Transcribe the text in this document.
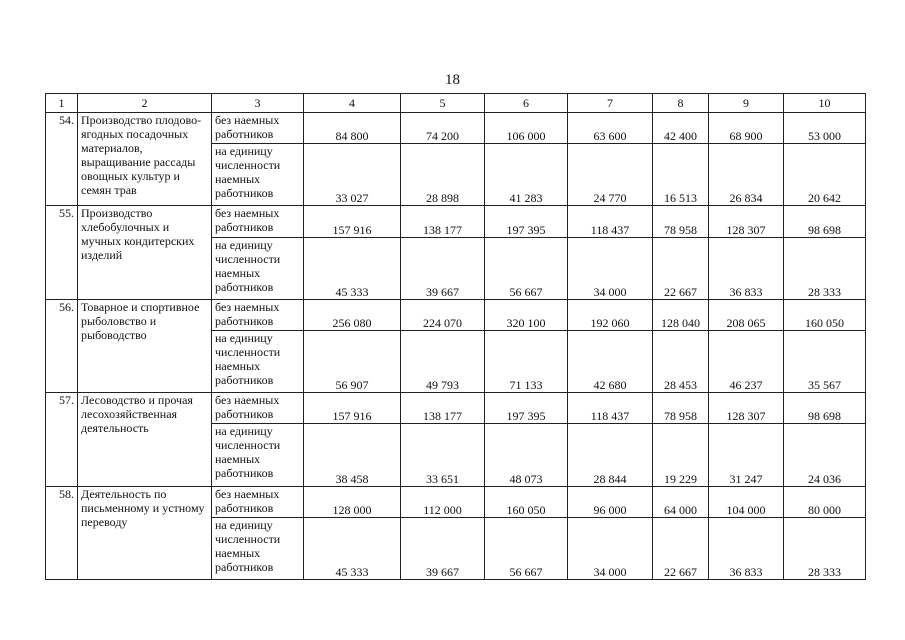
18
1	2	3	4	5	6	7	8	9	10
54.	Производство плодово-ягодных посадочных материалов, выращивание рассады овощных культур и семян трав	без наемных работников	84 800	74 200	106 000	63 600	42 400	68 900	53 000
		на единицу численности наемных работников	33 027	28 898	41 283	24 770	16 513	26 834	20 642
55.	Производство хлебобулочных и мучных кондитерских изделий	без наемных работников	157 916	138 177	197 395	118 437	78 958	128 307	98 698
		на единицу численности наемных работников	45 333	39 667	56 667	34 000	22 667	36 833	28 333
56.	Товарное и спортивное рыболовство и рыбоводство	без наемных работников	256 080	224 070	320 100	192 060	128 040	208 065	160 050
		на единицу численности наемных работников	56 907	49 793	71 133	42 680	28 453	46 237	35 567
57.	Лесоводство и прочая лесохозяйственная деятельность	без наемных работников	157 916	138 177	197 395	118 437	78 958	128 307	98 698
		на единицу численности наемных работников	38 458	33 651	48 073	28 844	19 229	31 247	24 036
58.	Деятельность по письменному и устному переводу	без наемных работников	128 000	112 000	160 050	96 000	64 000	104 000	80 000
		на единицу численности наемных работников	45 333	39 667	56 667	34 000	22 667	36 833	28 333
